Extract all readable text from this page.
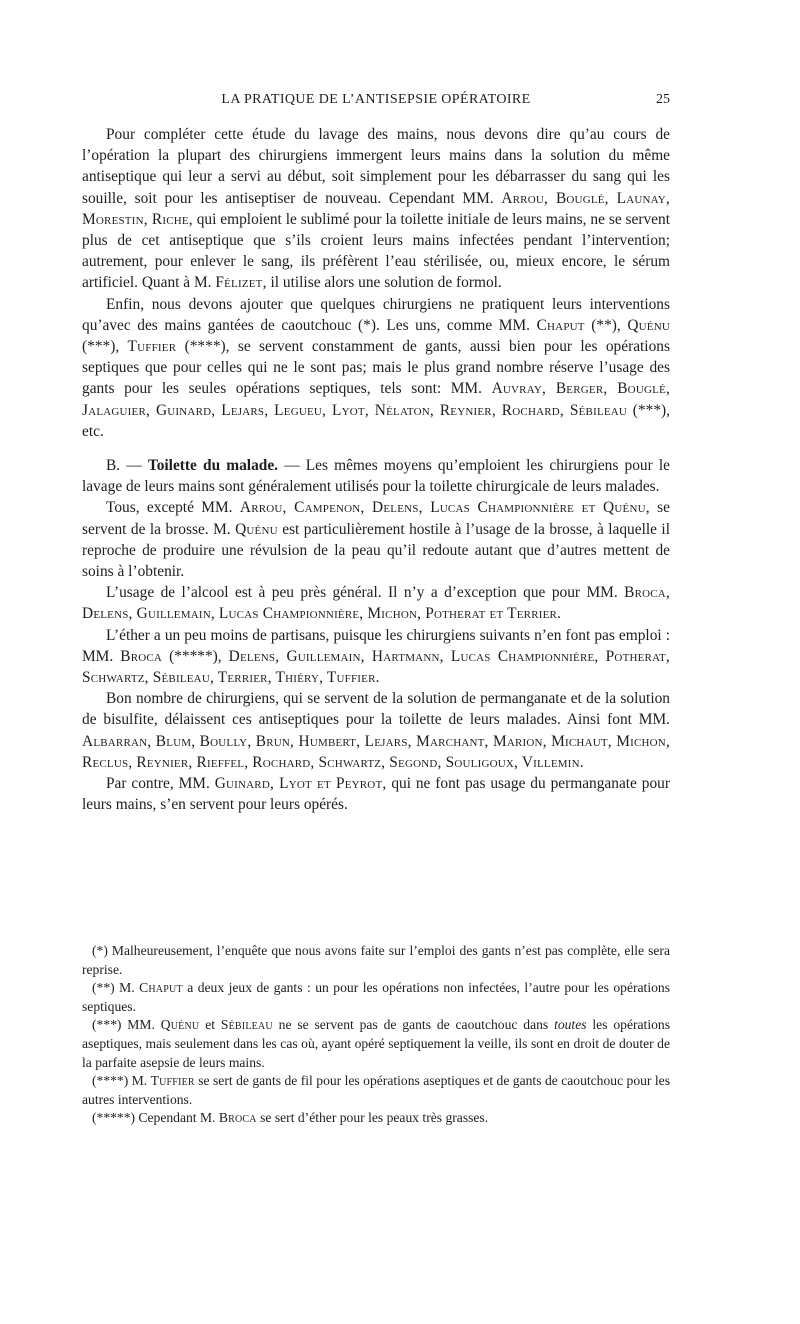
LA PRATIQUE DE L’ANTISEPSIE OPÉRATOIRE	25

Pour compléter cette étude du lavage des mains, nous devons dire qu’au cours de l’opération la plupart des chirurgiens immergent leurs mains dans la solution du même antiseptique qui leur a servi au début, soit simplement pour les débarrasser du sang qui les souille, soit pour les antiseptiser de nouveau. Cependant MM. Arrou, Bouglé, Launay, Morestin, Riche, qui emploient le sublimé pour la toilette initiale de leurs mains, ne se servent plus de cet antiseptique que s’ils croient leurs mains infectées pendant l’intervention; autrement, pour enlever le sang, ils préfèrent l’eau stérilisée, ou, mieux encore, le sérum artificiel. Quant à M. Félizet, il utilise alors une solution de formol.

Enfin, nous devons ajouter que quelques chirurgiens ne pratiquent leurs interventions qu’avec des mains gantées de caoutchouc (*). Les uns, comme MM. Chaput (**), Quénu (***), Tuffier (****), se servent constamment de gants, aussi bien pour les opérations septiques que pour celles qui ne le sont pas; mais le plus grand nombre réserve l’usage des gants pour les seules opérations septiques, tels sont: MM. Auvray, Berger, Bouglé, Jalaguier, Guinard, Lejars, Legueu, Lyot, Nélaton, Reynier, Rochard, Sébileau (***), etc.

B. — Toilette du malade. — Les mêmes moyens qu’emploient les chirurgiens pour le lavage de leurs mains sont généralement utilisés pour la toilette chirurgicale de leurs malades.

Tous, excepté MM. Arrou, Campenon, Delens, Lucas Championnière et Quénu, se servent de la brosse. M. Quénu est particulièrement hostile à l’usage de la brosse, à laquelle il reproche de produire une révulsion de la peau qu’il redoute autant que d’autres mettent de soins à l’obtenir.

L’usage de l’alcool est à peu près général. Il n’y a d’exception que pour MM. Broca, Delens, Guillemain, Lucas Championnière, Michon, Potherat et Terrier.

L’éther a un peu moins de partisans, puisque les chirurgiens suivants n’en font pas emploi : MM. Broca (*****), Delens, Guillemain, Hartmann, Lucas Championnière, Potherat, Schwartz, Sébileau, Terrier, Thiéry, Tuffier.

Bon nombre de chirurgiens, qui se servent de la solution de permanganate et de la solution de bisulfite, délaissent ces antiseptiques pour la toilette de leurs malades. Ainsi font MM. Albarran, Blum, Boully, Brun, Humbert, Lejars, Marchant, Marion, Michaut, Michon, Reclus, Reynier, Rieffel, Rochard, Schwartz, Segond, Souligoux, Villemin.

Par contre, MM. Guinard, Lyot et Peyrot, qui ne font pas usage du permanganate pour leurs mains, s’en servent pour leurs opérés.

(*) Malheureusement, l’enquête que nous avons faite sur l’emploi des gants n’est pas complète, elle sera reprise.

(**) M. Chaput a deux jeux de gants : un pour les opérations non infectées, l’autre pour les opérations septiques.

(***) MM. Quénu et Sébileau ne se servent pas de gants de caoutchouc dans toutes les opérations aseptiques, mais seulement dans les cas où, ayant opéré septiquement la veille, ils sont en droit de douter de la parfaite asepsie de leurs mains.

(****) M. Tuffier se sert de gants de fil pour les opérations aseptiques et de gants de caoutchouc pour les autres interventions.

(*****) Cependant M. Broca se sert d’éther pour les peaux très grasses.
